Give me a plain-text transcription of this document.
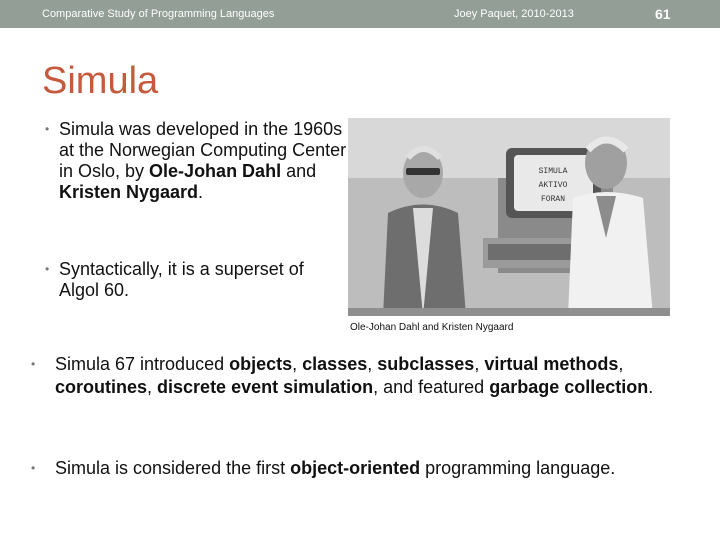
Comparative Study of Programming Languages	Joey Paquet, 2010-2013	61
Simula
• Simula was developed in the 1960s at the Norwegian Computing Center in Oslo, by Ole-Johan Dahl and Kristen Nygaard.
• Syntactically, it is a superset of Algol 60.
SIMULA
AKTIVO
FORAN
Ole-Johan Dahl and Kristen Nygaard
• Simula 67 introduced objects, classes, subclasses, virtual methods, coroutines, discrete event simulation, and featured garbage collection.
• Simula is considered the first object-oriented programming language.
